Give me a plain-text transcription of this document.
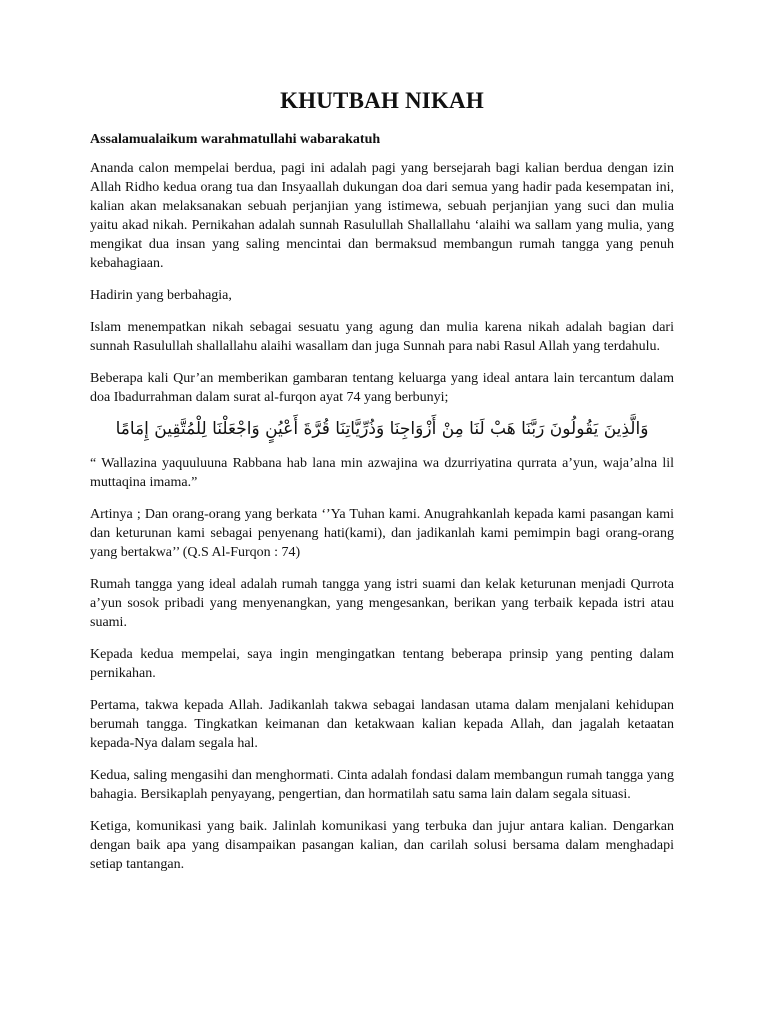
KHUTBAH NIKAH
Assalamualaikum warahmatullahi wabarakatuh

Ananda calon mempelai berdua, pagi ini adalah pagi yang bersejarah bagi kalian berdua dengan izin Allah Ridho kedua orang tua dan Insyaallah dukungan doa dari semua yang hadir pada kesempatan ini, kalian akan melaksanakan sebuah perjanjian yang istimewa, sebuah perjanjian yang suci dan mulia yaitu akad nikah. Pernikahan adalah sunnah Rasulullah Shallallahu ‘alaihi wa sallam yang mulia, yang mengikat dua insan yang saling mencintai dan bermaksud membangun rumah tangga yang penuh kebahagiaan.

Hadirin yang berbahagia,

Islam menempatkan nikah sebagai sesuatu yang agung dan mulia karena nikah adalah bagian dari sunnah Rasulullah shallallahu alaihi wasallam dan juga Sunnah para nabi Rasul Allah yang terdahulu.

Beberapa kali Qur’an memberikan gambaran tentang keluarga yang ideal antara lain tercantum dalam doa Ibadurrahman dalam surat al-furqon ayat 74 yang berbunyi;

وَالَّذِينَ يَقُولُونَ رَبَّنَا هَبْ لَنَا مِنْ أَزْوَاجِنَا وَذُرِّيَّاتِنَا قُرَّةَ أَعْيُنٍ وَاجْعَلْنَا لِلْمُتَّقِينَ إِمَامًا

“ Wallazina yaquuluuna Rabbana hab lana min azwajina wa dzurriyatina qurrata a’yun, waja’alna lil muttaqina imama.”

Artinya ; Dan orang-orang yang berkata ‘’Ya Tuhan kami. Anugrahkanlah kepada kami pasangan kami dan keturunan kami sebagai penyenang hati(kami), dan jadikanlah kami pemimpin bagi orang-orang yang bertakwa’’ (Q.S Al-Furqon : 74)

Rumah tangga yang ideal adalah rumah tangga yang istri suami dan kelak keturunan menjadi Qurrota a’yun sosok pribadi yang menyenangkan, yang mengesankan, berikan yang terbaik kepada istri atau suami.

Kepada kedua mempelai, saya ingin mengingatkan tentang beberapa prinsip yang penting dalam pernikahan.

Pertama, takwa kepada Allah. Jadikanlah takwa sebagai landasan utama dalam menjalani kehidupan berumah tangga. Tingkatkan keimanan dan ketakwaan kalian kepada Allah, dan jagalah ketaatan kepada-Nya dalam segala hal.

Kedua, saling mengasihi dan menghormati. Cinta adalah fondasi dalam membangun rumah tangga yang bahagia. Bersikaplah penyayang, pengertian, dan hormatilah satu sama lain dalam segala situasi.

Ketiga, komunikasi yang baik. Jalinlah komunikasi yang terbuka dan jujur antara kalian. Dengarkan dengan baik apa yang disampaikan pasangan kalian, dan carilah solusi bersama dalam menghadapi setiap tantangan.
